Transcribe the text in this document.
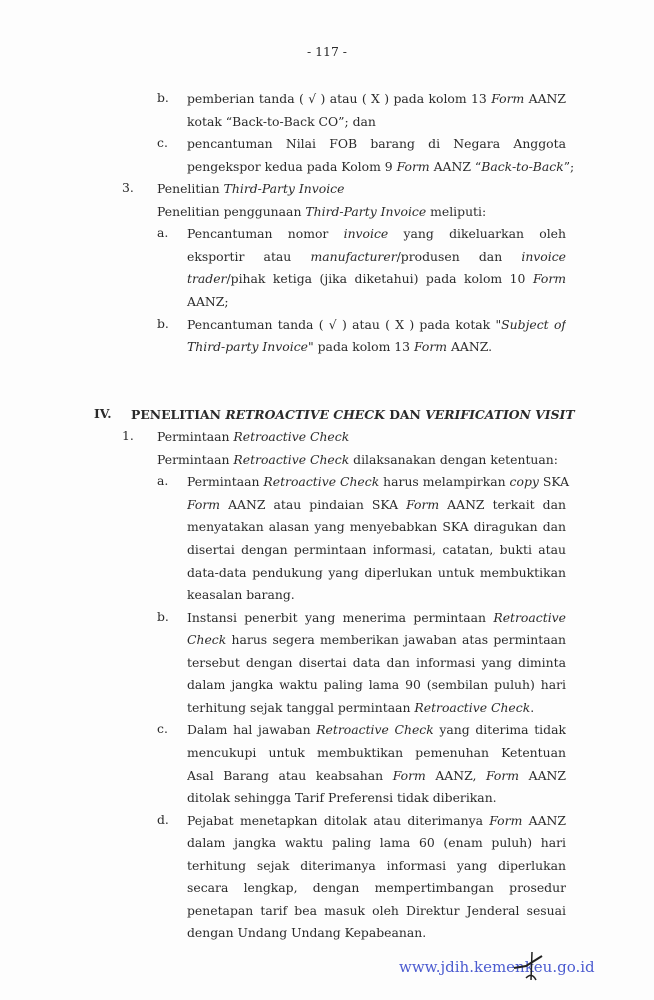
- 117 -
b. pemberian tanda ( √ ) atau ( X ) pada kolom 13 Form AANZ
kotak “Back-to-Back CO”; dan
c. pencantuman Nilai FOB barang di Negara Anggota
pengekspor kedua pada Kolom 9 Form AANZ “Back-to-Back”;
3. Penelitian Third-Party Invoice
Penelitian penggunaan Third-Party Invoice meliputi:
a. Pencantuman nomor invoice yang dikeluarkan oleh
eksportir atau manufacturer/produsen dan invoice
trader/pihak ketiga (jika diketahui) pada kolom 10 Form
AANZ;
b. Pencantuman tanda ( √ ) atau ( X ) pada kotak "Subject of
Third-party Invoice" pada kolom 13 Form AANZ.
IV. PENELITIAN RETROACTIVE CHECK DAN VERIFICATION VISIT
1. Permintaan Retroactive Check
Permintaan Retroactive Check dilaksanakan dengan ketentuan:
a. Permintaan Retroactive Check harus melampirkan copy SKA
Form AANZ atau pindaian SKA Form AANZ terkait dan
menyatakan alasan yang menyebabkan SKA diragukan dan
disertai dengan permintaan informasi, catatan, bukti atau
data-data pendukung yang diperlukan untuk membuktikan
keasalan barang.
b. Instansi penerbit yang menerima permintaan Retroactive
Check harus segera memberikan jawaban atas permintaan
tersebut dengan disertai data dan informasi yang diminta
dalam jangka waktu paling lama 90 (sembilan puluh) hari
terhitung sejak tanggal permintaan Retroactive Check.
c. Dalam hal jawaban Retroactive Check yang diterima tidak
mencukupi untuk membuktikan pemenuhan Ketentuan
Asal Barang atau keabsahan Form AANZ, Form AANZ
ditolak sehingga Tarif Preferensi tidak diberikan.
d. Pejabat menetapkan ditolak atau diterimanya Form AANZ
dalam jangka waktu paling lama 60 (enam puluh) hari
terhitung sejak diterimanya informasi yang diperlukan
secara lengkap, dengan mempertimbangan prosedur
penetapan tarif bea masuk oleh Direktur Jenderal sesuai
dengan Undang Undang Kepabeanan.
www.jdih.kemenkeu.go.id
